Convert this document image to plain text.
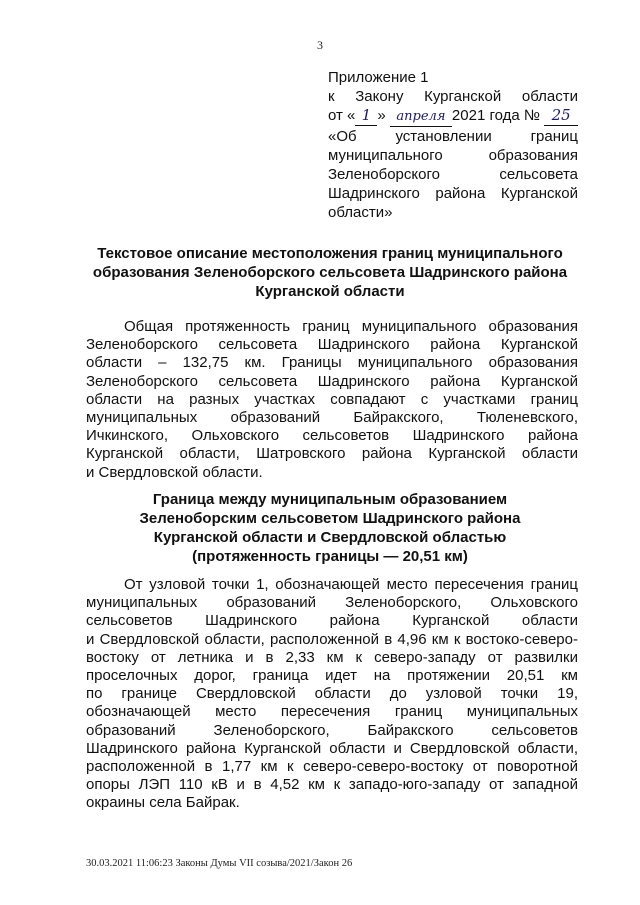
3
Приложение 1
к Закону Курганской области
от « 1 » апреля 2021 года № 25
«Об установлении границ
муниципального образования
Зеленоборского сельсовета
Шадринского района Курганской
области»
Текстовое описание местоположения границ муниципального
образования Зеленоборского сельсовета Шадринского района
Курганской области
Общая протяженность границ муниципального образования
Зеленоборского сельсовета Шадринского района Курганской
области – 132,75 км. Границы муниципального образования
Зеленоборского сельсовета Шадринского района Курганской
области на разных участках совпадают с участками границ
муниципальных образований Байракского, Тюленевского,
Ичкинского, Ольховского сельсоветов Шадринского района
Курганской области, Шатровского района Курганской области
и Свердловской области.
Граница между муниципальным образованием
Зеленоборским сельсоветом Шадринского района
Курганской области и Свердловской областью
(протяженность границы — 20,51 км)
От узловой точки 1, обозначающей место пересечения границ
муниципальных образований Зеленоборского, Ольховского
сельсоветов Шадринского района Курганской области
и Свердловской области, расположенной в 4,96 км к востоко-северо-
востоку от летника и в 2,33 км к северо-западу от развилки
проселочных дорог, граница идет на протяжении 20,51 км
по границе Свердловской области до узловой точки 19,
обозначающей место пересечения границ муниципальных
образований Зеленоборского, Байракского сельсоветов
Шадринского района Курганской области и Свердловской области,
расположенной в 1,77 км к северо-северо-востоку от поворотной
опоры ЛЭП 110 кВ и в 4,52 км к западо-юго-западу от западной
окраины села Байрак.
30.03.2021 11:06:23 Законы Думы VII созыва/2021/Закон 26
